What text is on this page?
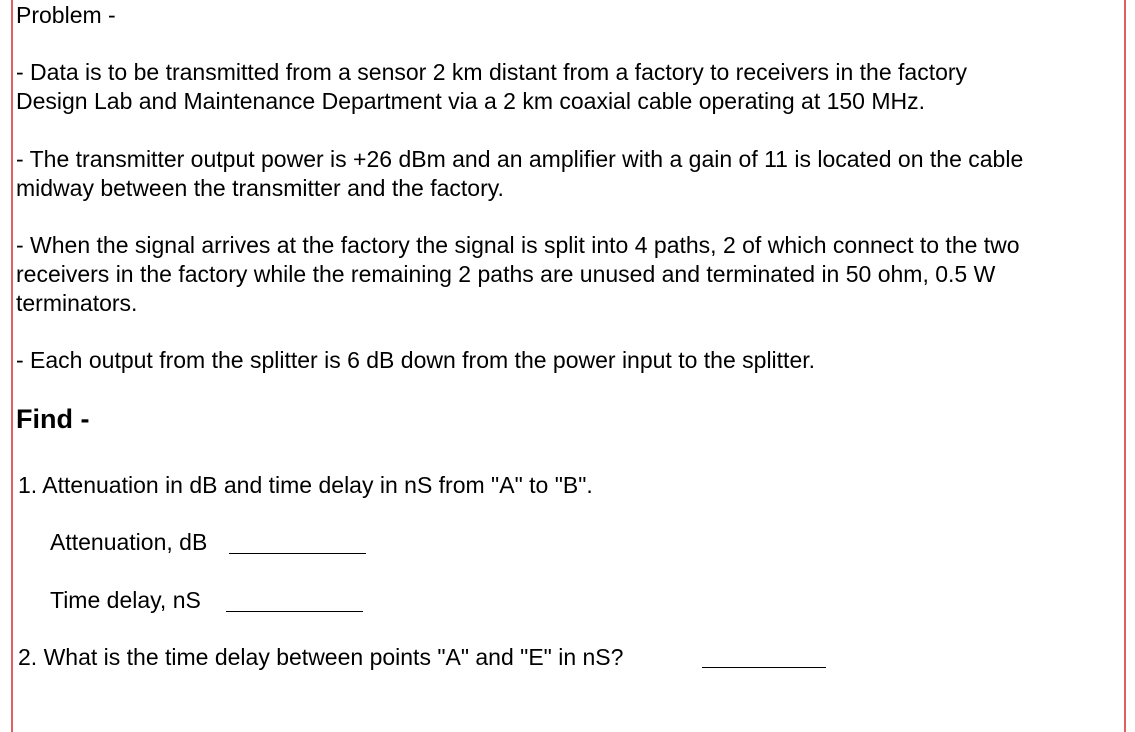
Problem -
- Data is to be transmitted from a sensor 2 km distant from a factory to receivers in the factory
Design Lab and Maintenance Department via a 2 km coaxial cable operating at 150 MHz.
- The transmitter output power is +26 dBm and an amplifier with a gain of 11 is located on the cable
midway between the transmitter and the factory.
- When the signal arrives at the factory the signal is split into 4 paths, 2 of which connect to the two
receivers in the factory while the remaining 2 paths are unused and terminated in 50 ohm, 0.5 W
terminators.
- Each output from the splitter is 6 dB down from the power input to the splitter.
Find -
1. Attenuation in dB and time delay in nS from "A" to "B".
Attenuation, dB
Time delay, nS
2. What is the time delay between points "A" and "E" in nS?
